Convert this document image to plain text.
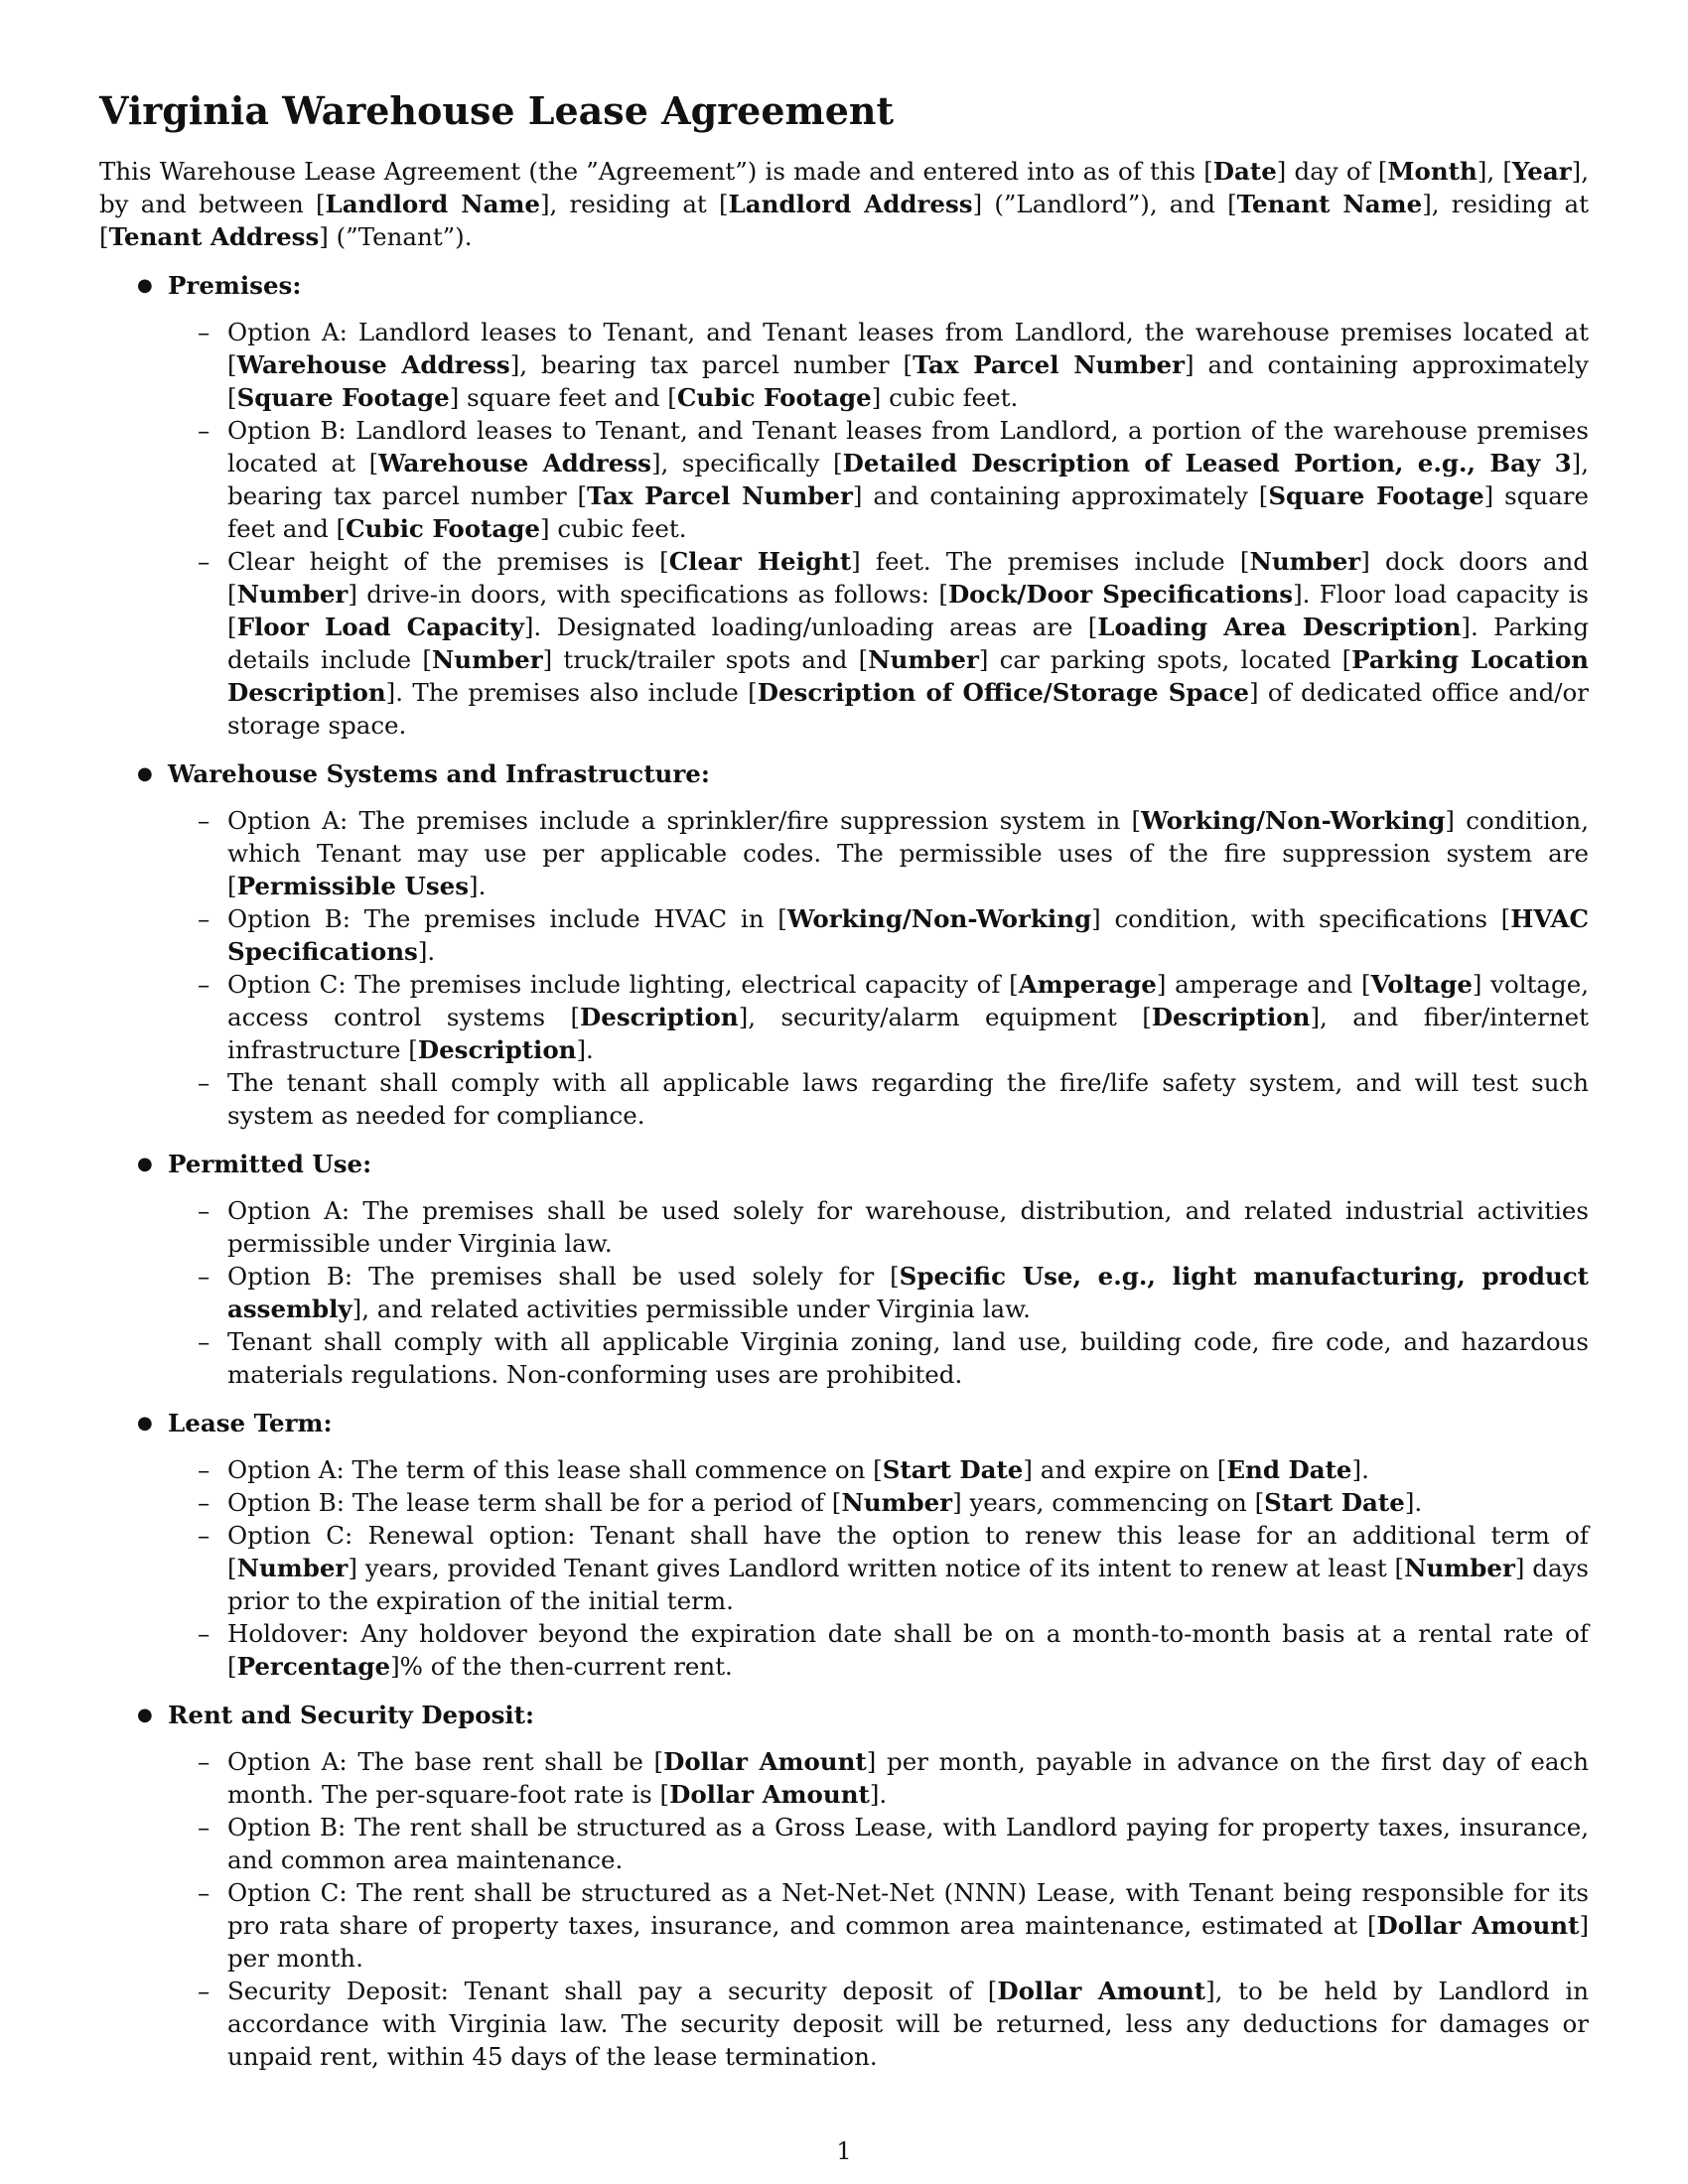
Virginia Warehouse Lease Agreement

This Warehouse Lease Agreement (the ”Agreement”) is made and entered into as of this [Date] day of [Month], [Year], by and between [Landlord Name], residing at [Landlord Address] (”Landlord”), and [Tenant Name], residing at [Tenant Address] (”Tenant”).

● Premises:
– Option A: Landlord leases to Tenant, and Tenant leases from Landlord, the warehouse premises located at [Warehouse Address], bearing tax parcel number [Tax Parcel Number] and containing approximately [Square Footage] square feet and [Cubic Footage] cubic feet.
– Option B: Landlord leases to Tenant, and Tenant leases from Landlord, a portion of the warehouse premises located at [Warehouse Address], specifically [Detailed Description of Leased Portion, e.g., Bay 3], bearing tax parcel number [Tax Parcel Number] and containing approximately [Square Footage] square feet and [Cubic Footage] cubic feet.
– Clear height of the premises is [Clear Height] feet. The premises include [Number] dock doors and [Number] drive-in doors, with specifications as follows: [Dock/Door Specifications]. Floor load capacity is [Floor Load Capacity]. Designated loading/unloading areas are [Loading Area Description]. Parking details include [Number] truck/trailer spots and [Number] car parking spots, located [Parking Location Description]. The premises also include [Description of Office/Storage Space] of dedicated office and/or storage space.
● Warehouse Systems and Infrastructure:
– Option A: The premises include a sprinkler/fire suppression system in [Working/Non-Working] condition, which Tenant may use per applicable codes. The permissible uses of the fire suppression system are [Permissible Uses].
– Option B: The premises include HVAC in [Working/Non-Working] condition, with specifications [HVAC Specifications].
– Option C: The premises include lighting, electrical capacity of [Amperage] amperage and [Voltage] voltage, access control systems [Description], security/alarm equipment [Description], and fiber/internet infrastructure [Description].
– The tenant shall comply with all applicable laws regarding the fire/life safety system, and will test such system as needed for compliance.
● Permitted Use:
– Option A: The premises shall be used solely for warehouse, distribution, and related industrial activities permissible under Virginia law.
– Option B: The premises shall be used solely for [Specific Use, e.g., light manufacturing, product assembly], and related activities permissible under Virginia law.
– Tenant shall comply with all applicable Virginia zoning, land use, building code, fire code, and hazardous materials regulations. Non-conforming uses are prohibited.
● Lease Term:
– Option A: The term of this lease shall commence on [Start Date] and expire on [End Date].
– Option B: The lease term shall be for a period of [Number] years, commencing on [Start Date].
– Option C: Renewal option: Tenant shall have the option to renew this lease for an additional term of [Number] years, provided Tenant gives Landlord written notice of its intent to renew at least [Number] days prior to the expiration of the initial term.
– Holdover: Any holdover beyond the expiration date shall be on a month-to-month basis at a rental rate of [Percentage]% of the then-current rent.
● Rent and Security Deposit:
– Option A: The base rent shall be [Dollar Amount] per month, payable in advance on the first day of each month. The per-square-foot rate is [Dollar Amount].
– Option B: The rent shall be structured as a Gross Lease, with Landlord paying for property taxes, insurance, and common area maintenance.
– Option C: The rent shall be structured as a Net-Net-Net (NNN) Lease, with Tenant being responsible for its pro rata share of property taxes, insurance, and common area maintenance, estimated at [Dollar Amount] per month.
– Security Deposit: Tenant shall pay a security deposit of [Dollar Amount], to be held by Landlord in accordance with Virginia law. The security deposit will be returned, less any deductions for damages or unpaid rent, within 45 days of the lease termination.
1
